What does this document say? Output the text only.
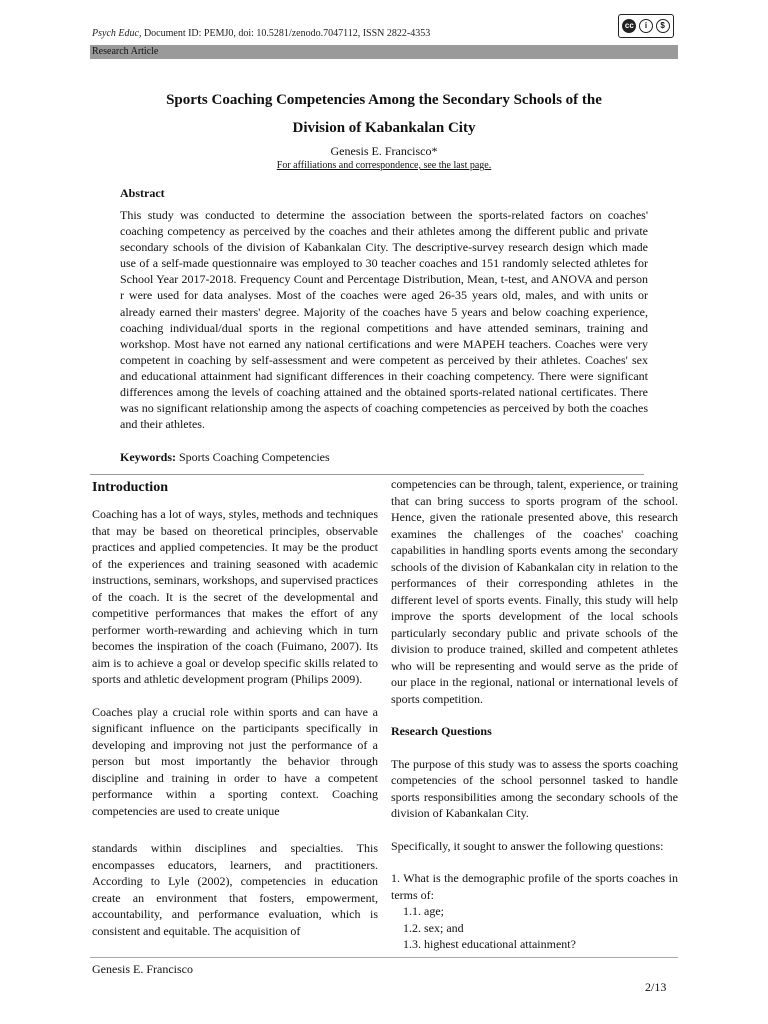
Psych Educ, Document ID: PEMJ0, doi: 10.5281/zenodo.7047112, ISSN 2822-4353
cc	i	$
Research Article
Sports Coaching Competencies Among the Secondary Schools of the
Division of Kabankalan City
Genesis E. Francisco*
For affiliations and correspondence, see the last page.
Abstract

This study was conducted to determine the association between the sports-related factors on coaches' coaching competency as perceived by the coaches and their athletes among the different public and private secondary schools of the division of Kabankalan City. The descriptive-survey research design which made use of a self-made questionnaire was employed to 30 teacher coaches and 151 randomly selected athletes for School Year 2017-2018. Frequency Count and Percentage Distribution, Mean, t-test, and ANOVA and person r were used for data analyses. Most of the coaches were aged 26-35 years old, males, and with units or already earned their masters' degree. Majority of the coaches have 5 years and below coaching experience, coaching individual/dual sports in the regional competitions and have attended seminars, training and workshop. Most have not earned any national certifications and were MAPEH teachers. Coaches were very competent in coaching by self-assessment and were competent as perceived by their athletes. Coaches' sex and educational attainment had significant differences in their coaching competency. There were significant differences among the levels of coaching attained and the obtained sports-related national certificates. There was no significant relationship among the aspects of coaching competencies as perceived by both the coaches and their athletes.

Keywords: Sports Coaching Competencies
Introduction

Coaching has a lot of ways, styles, methods and techniques that may be based on theoretical principles, observable practices and applied competencies. It may be the product of the experiences and training seasoned with academic instructions, seminars, workshops, and supervised practices of the coach. It is the secret of the developmental and competitive performances that makes the effort of any performer worth-rewarding and achieving which in turn becomes the inspiration of the coach (Fuimano, 2007). Its aim is to achieve a goal or develop specific skills related to sports and athletic development program (Philips 2009).

Coaches play a crucial role within sports and can have a significant influence on the participants specifically in developing and improving not just the performance of a person but most importantly the behavior through discipline and training in order to have a competent performance within a sporting context. Coaching competencies are used to create unique

standards within disciplines and specialties. This encompasses educators, learners, and practitioners. According to Lyle (2002), competencies in education create an environment that fosters, empowerment, accountability, and performance evaluation, which is consistent and equitable. The acquisition of

competencies can be through, talent, experience, or training that can bring success to sports program of the school. Hence, given the rationale presented above, this research examines the challenges of the coaches' coaching capabilities in handling sports events among the secondary schools of the division of Kabankalan city in relation to the performances of their corresponding athletes in the different level of sports events. Finally, this study will help improve the sports development of the local schools particularly secondary public and private schools of the division to produce trained, skilled and competent athletes who will be representing and would serve as the pride of our place in the regional, national or international levels of sports competition.

Research Questions

The purpose of this study was to assess the sports coaching competencies of the school personnel tasked to handle sports responsibilities among the secondary schools of the division of Kabankalan City.

Specifically, it sought to answer the following questions:

1. What is the demographic profile of the sports coaches in terms of:

1.1. age;

1.2. sex; and

1.3. highest educational attainment?

Genesis E. Francisco
2/13
